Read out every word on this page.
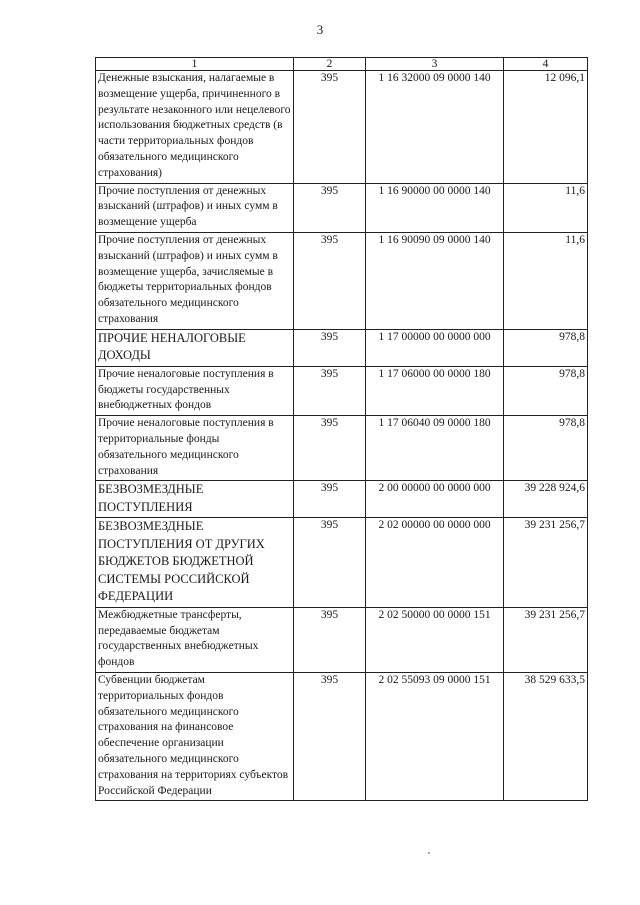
3
1	2	3	4
Денежные взыскания, налагаемые в возмещение ущерба, причиненного в результате незаконного или нецелевого использования бюджетных средств (в части территориальных фондов обязательного медицинского страхования)	395	1 16 32000 09 0000 140	12 096,1
Прочие поступления от денежных взысканий (штрафов) и иных сумм в возмещение ущерба	395	1 16 90000 00 0000 140	11,6
Прочие поступления от денежных взысканий (штрафов) и иных сумм в возмещение ущерба, зачисляемые в бюджеты территориальных фондов обязательного медицинского страхования	395	1 16 90090 09 0000 140	11,6
ПРОЧИЕ НЕНАЛОГОВЫЕ ДОХОДЫ	395	1 17 00000 00 0000 000	978,8
Прочие неналоговые поступления в бюджеты государственных внебюджетных фондов	395	1 17 06000 00 0000 180	978,8
Прочие неналоговые поступления в территориальные фонды обязательного медицинского страхования	395	1 17 06040 09 0000 180	978,8
БЕЗВОЗМЕЗДНЫЕ ПОСТУПЛЕНИЯ	395	2 00 00000 00 0000 000	39 228 924,6
БЕЗВОЗМЕЗДНЫЕ ПОСТУПЛЕНИЯ ОТ ДРУГИХ БЮДЖЕТОВ БЮДЖЕТНОЙ СИСТЕМЫ РОССИЙСКОЙ ФЕДЕРАЦИИ	395	2 02 00000 00 0000 000	39 231 256,7
Межбюджетные трансферты, передаваемые бюджетам государственных внебюджетных фондов	395	2 02 50000 00 0000 151	39 231 256,7
Субвенции бюджетам территориальных фондов обязательного медицинского страхования на финансовое обеспечение организации обязательного медицинского страхования на территориях субъектов Российской Федерации	395	2 02 55093 09 0000 151	38 529 633,5
